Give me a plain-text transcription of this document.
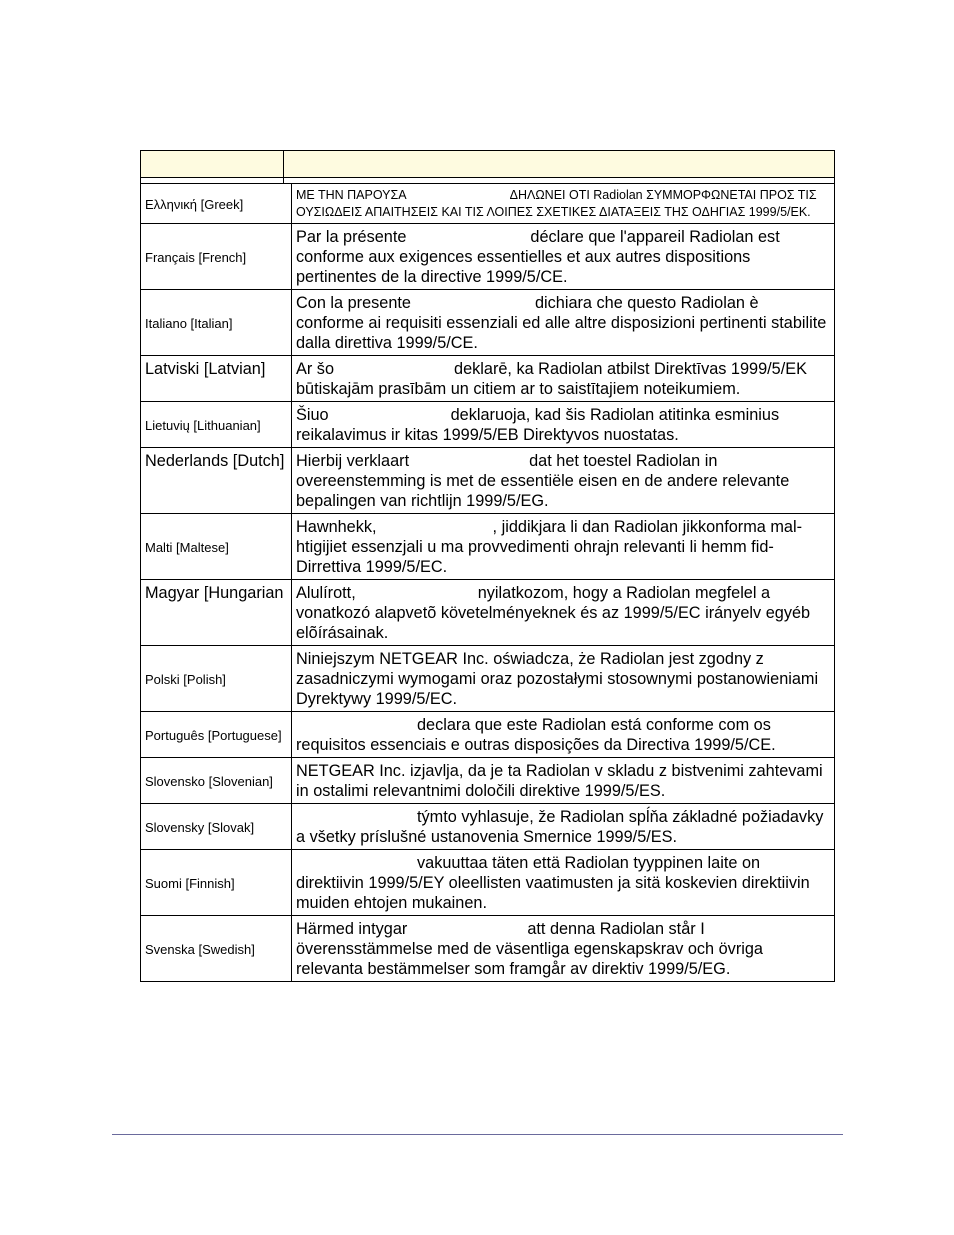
Ελληνική [Greek]	ΜΕ ΤΗΝ ΠΑΡΟΥΣΑ ΔΗΛΩΝΕΙ ΟΤΙ Radiolan ΣΥΜΜΟΡΦΩΝΕΤΑΙ ΠΡΟΣ ΤΙΣ ΟΥΣΙΩΔΕΙΣ ΑΠΑΙΤΗΣΕΙΣ ΚΑΙ ΤΙΣ ΛΟΙΠΕΣ ΣΧΕΤΙΚΕΣ ΔΙΑΤΑΞΕΙΣ ΤΗΣ ΟΔΗΓΙΑΣ 1999/5/ΕΚ.
Français [French]	Par la présente déclare que l'appareil Radiolan est conforme aux exigences essentielles et aux autres dispositions pertinentes de la directive 1999/5/CE.
Italiano [Italian]	Con la presente dichiara che questo Radiolan è conforme ai requisiti essenziali ed alle altre disposizioni pertinenti stabilite dalla direttiva 1999/5/CE.
Latviski [Latvian]	Ar šo deklarē, ka Radiolan atbilst Direktīvas 1999/5/EK būtiskajām prasībām un citiem ar to saistītajiem noteikumiem.
Lietuvių [Lithuanian]	Šiuo deklaruoja, kad šis Radiolan atitinka esminius reikalavimus ir kitas 1999/5/EB Direktyvos nuostatas.
Nederlands [Dutch]	Hierbij verklaart dat het toestel Radiolan in overeenstemming is met de essentiële eisen en de andere relevante bepalingen van richtlijn 1999/5/EG.
Malti [Maltese]	Hawnhekk, , jiddikjara li dan Radiolan jikkonforma mal-htigijiet essenzjali u ma provvedimenti ohrajn relevanti li hemm fid-Dirrettiva 1999/5/EC.
Magyar [Hungarian	Alulírott, nyilatkozom, hogy a Radiolan megfelel a vonatkozó alapvetõ követelményeknek és az 1999/5/EC irányelv egyéb elõírásainak.
Polski [Polish]	Niniejszym NETGEAR Inc. oświadcza, że Radiolan jest zgodny z zasadniczymi wymogami oraz pozostałymi stosownymi postanowieniami Dyrektywy 1999/5/EC.
Português [Portuguese]	declara que este Radiolan está conforme com os requisitos essenciais e outras disposições da Directiva 1999/5/CE.
Slovensko [Slovenian]	NETGEAR Inc. izjavlja, da je ta Radiolan v skladu z bistvenimi zahtevami in ostalimi relevantnimi določili direktive 1999/5/ES.
Slovensky [Slovak]	týmto vyhlasuje, že Radiolan spĺňa základné požiadavky a všetky príslušné ustanovenia Smernice 1999/5/ES.
Suomi [Finnish]	vakuuttaa täten että Radiolan tyyppinen laite on direktiivin 1999/5/EY oleellisten vaatimusten ja sitä koskevien direktiivin muiden ehtojen mukainen.
Svenska [Swedish]	Härmed intygar att denna Radiolan står I överensstämmelse med de väsentliga egenskapskrav och övriga relevanta bestämmelser som framgår av direktiv 1999/5/EG.
